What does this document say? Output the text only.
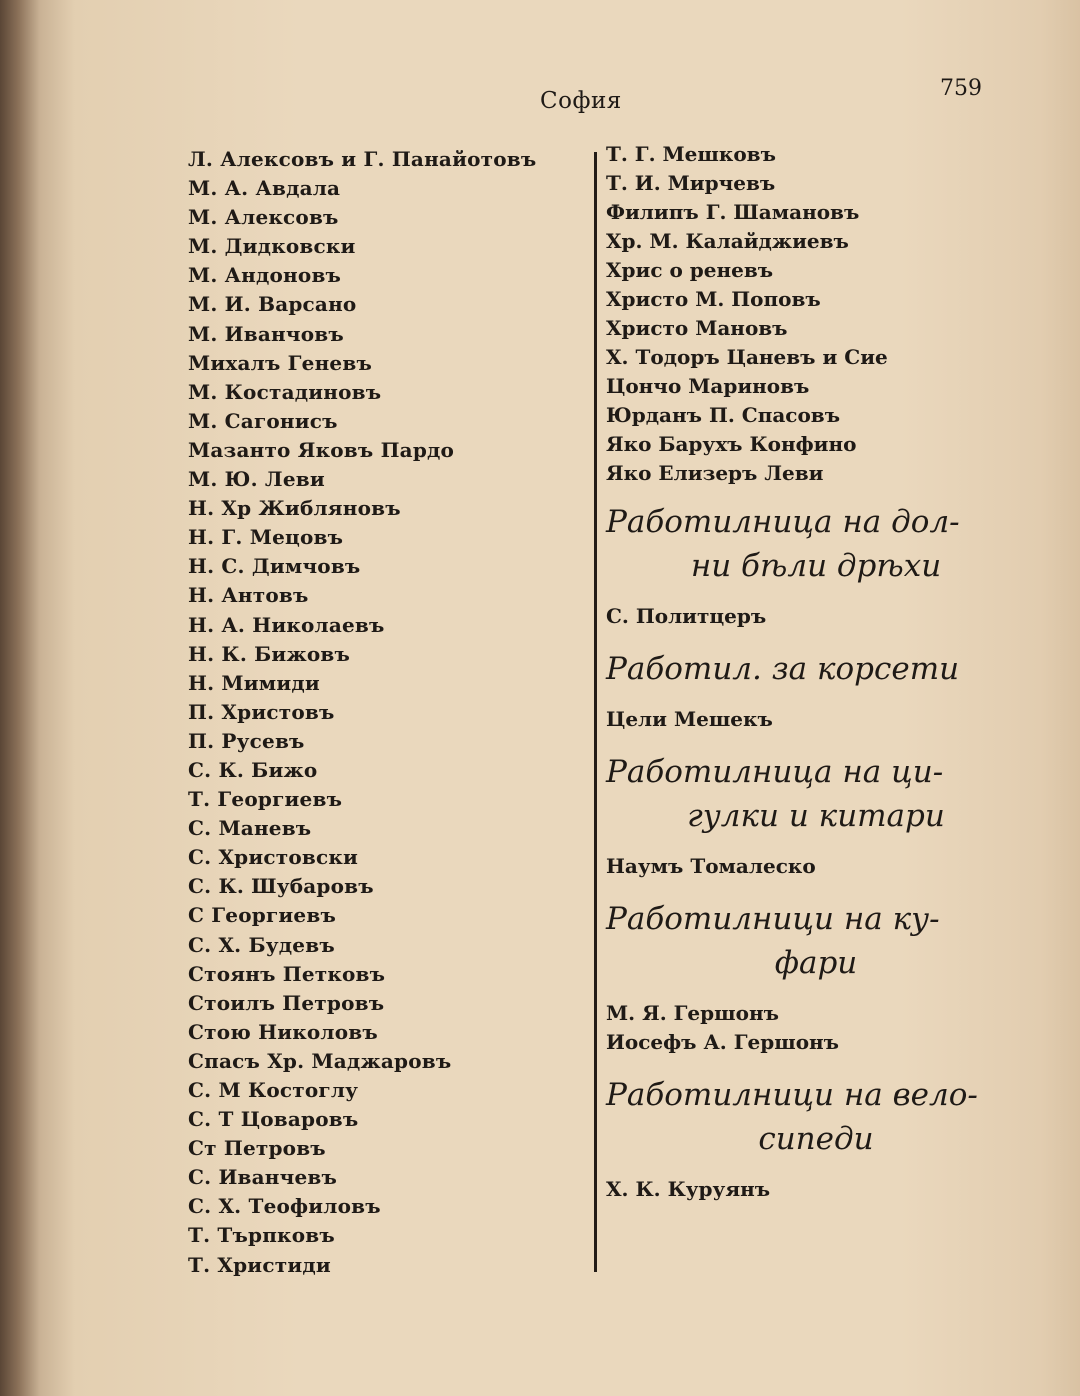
София	759
Л. Алексовъ и Г. Панайотовъ
М. А. Авдала
М. Алексовъ
М. Дидковски
М. Андоновъ
М. И. Варсано
М. Иванчовъ
Михалъ Геневъ
М. Костадиновъ
М. Сагонисъ
Мазанто Яковъ Пардо
М. Ю. Леви
Н. Хр Жибляновъ
Н. Г. Мецовъ
Н. С. Димчовъ
Н. Антовъ
Н. А. Николаевъ
Н. К. Бижовъ
Н. Мимиди
П. Христовъ
П. Русевъ
С. К. Бижо
Т. Георгиевъ
С. Маневъ
С. Христовски
С. К. Шубаровъ
С Георгиевъ
С. Х. Будевъ
Стоянъ Петковъ
Стоилъ Петровъ
Стою Николовъ
Спасъ Хр. Маджаровъ
С. М Костоглу
С. Т Цоваровъ
Ст Петровъ
С. Иванчевъ
С. Х. Теофиловъ
Т. Търпковъ
Т. Христиди
Т. Г. Мешковъ
Т. И. Мирчевъ
Филипъ Г. Шамановъ
Хр. М. Калайджиевъ
Хрис о реневъ
Христо М. Поповъ
Христо Мановъ
Х. Тодоръ Цаневъ и Сие
Цончо Мариновъ
Юрданъ П. Спасовъ
Яко Барухъ Конфино
Яко Елизеръ Леви
Работилница на дол-
ни бѣли дрѣхи
С. Политцеръ
Работил. за корсети
Цели Мешекъ
Работилница на ци-
гулки и китари
Наумъ Томалеско
Работилници на ку-
фари
М. Я. Гершонъ
Иосефъ А. Гершонъ
Работилници на вело-
сипеди
Х. К. Куруянъ
